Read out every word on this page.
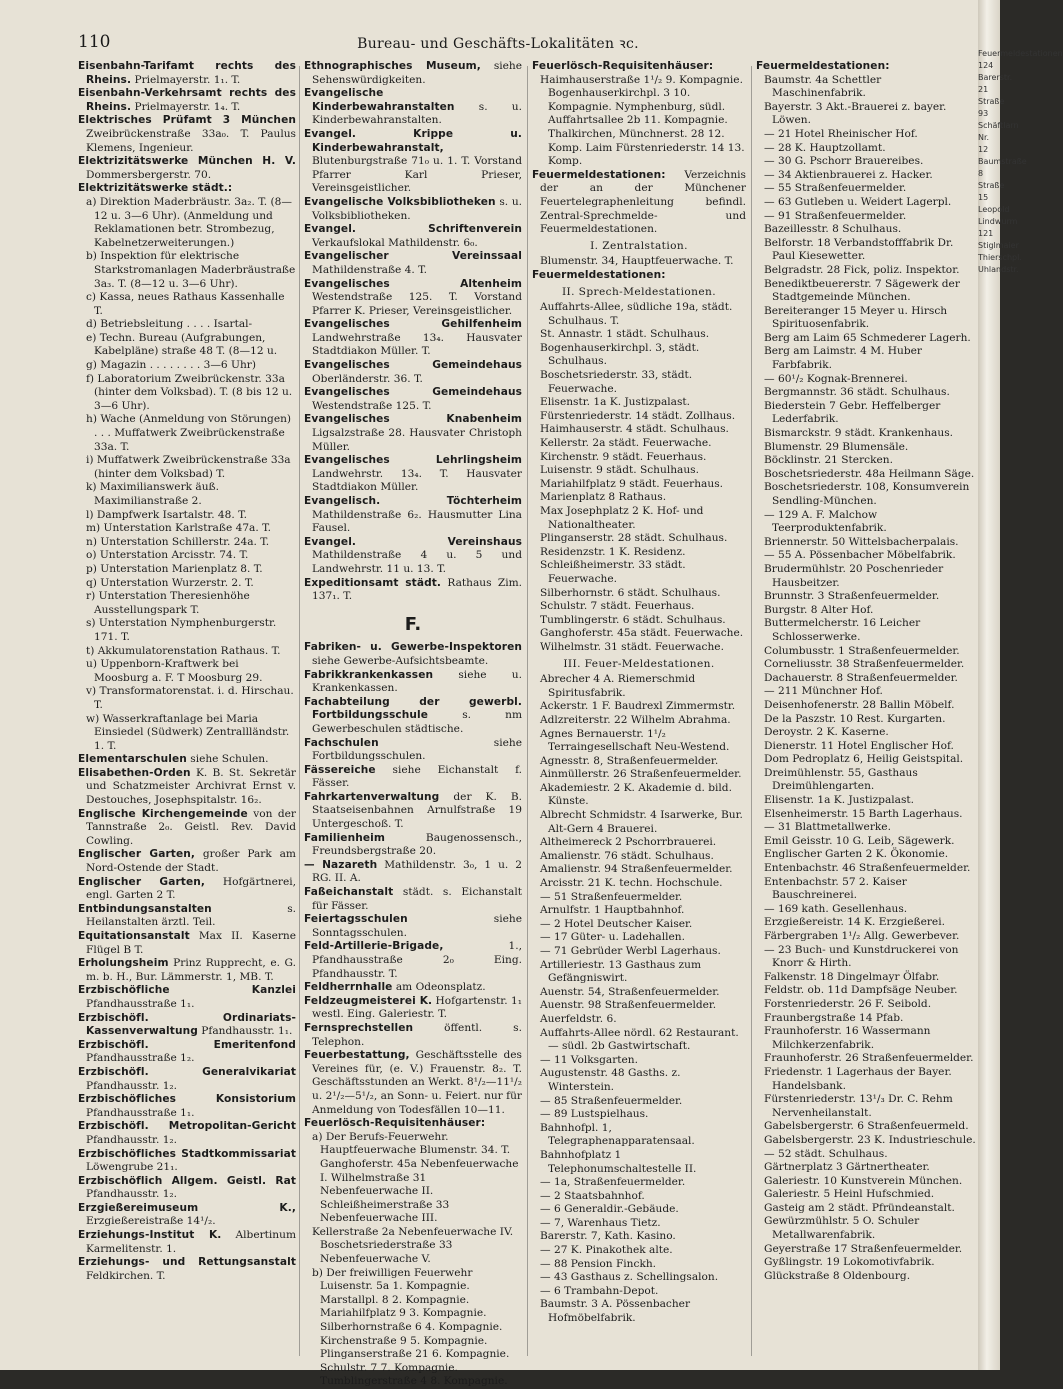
110	Bureau- und Geschäfts-Lokalitäten ꝛc.
Eisenbahn-Tarifamt rechts des Rheins. Prielmayerstr. 1₁. T.
Eisenbahn-Verkehrsamt rechts des Rheins. Prielmayerstr. 1₄. T.
Elektrisches Prüfamt 3 München Zweibrückenstraße 33a₀. T. Paulus Klemens, Ingenieur.
Elektrizitätswerke München H. V. Dommersbergerstr. 70.
Elektrizitätswerke städt.:
a) Direktion Maderbräustr. 3a₂. T. (8—12 u. 3—6 Uhr). (Anmeldung und Reklamationen betr. Strombezug, Kabelnetzerweiterungen.)
b) Inspektion für elektrische Starkstromanlagen Maderbräustraße 3a₃. T. (8—12 u. 3—6 Uhr).
c) Kassa, neues Rathaus Kassenhalle T.
d) Betriebsleitung . . . . Isartal-
e) Techn. Bureau (Aufgrabungen, Kabelpläne) straße 48 T. (8—12 u.
g) Magazin . . . . . . . . 3—6 Uhr)
f) Laboratorium Zweibrückenstr. 33a (hinter dem Volksbad). T. (8 bis 12 u. 3—6 Uhr).
h) Wache (Anmeldung von Störungen) . . . Muffatwerk Zweibrückenstraße 33a. T.
i) Muffatwerk Zweibrückenstraße 33a (hinter dem Volksbad) T.
k) Maximilianswerk äuß. Maximilianstraße 2.
l) Dampfwerk Isartalstr. 48. T.
m) Unterstation Karlstraße 47a. T.
n) Unterstation Schillerstr. 24a. T.
o) Unterstation Arcisstr. 74. T.
p) Unterstation Marienplatz 8. T.
q) Unterstation Wurzerstr. 2. T.
r) Unterstation Theresienhöhe Ausstellungspark T.
s) Unterstation Nymphenburgerstr. 171. T.
t) Akkumulatorenstation Rathaus. T.
u) Uppenborn-Kraftwerk bei Moosburg a. F. T Moosburg 29.
v) Transformatorenstat. i. d. Hirschau. T.
w) Wasserkraftanlage bei Maria Einsiedel (Südwerk) Zentrallländstr. 1. T.
Elementarschulen siehe Schulen.
Elisabethen-Orden K. B. St. Sekretär und Schatzmeister Archivrat Ernst v. Destouches, Josephspitalstr. 16₂.
Englische Kirchengemeinde von der Tannstraße 2₀. Geistl. Rev. David Cowling.
Englischer Garten, großer Park am Nord-Ostende der Stadt.
Englischer Garten, Hofgärtnerei, engl. Garten 2 T.
Entbindungsanstalten s. Heilanstalten ärztl. Teil.
Equitationsanstalt Max II. Kaserne Flügel B T.
Erholungsheim Prinz Rupprecht, e. G. m. b. H., Bur. Lämmerstr. 1, MB. T.
Erzbischöfliche Kanzlei Pfandhausstraße 1₁.
Erzbischöfl. Ordinariats-Kassenverwaltung Pfandhausstr. 1₁.
Erzbischöfl. Emeritenfond Pfandhausstraße 1₂.
Erzbischöfl. Generalvikariat Pfandhausstr. 1₂.
Erzbischöfliches Konsistorium Pfandhausstraße 1₁.
Erzbischöfl. Metropolitan-Gericht Pfandhausstr. 1₂.
Erzbischöfliches Stadtkommissariat Löwengrube 21₁.
Erzbischöflich Allgem. Geistl. Rat Pfandhausstr. 1₂.
Erzgießereimuseum K., Erzgießereistraße 14¹/₂.
Erziehungs-Institut K. Albertinum Karmelitenstr. 1.
Erziehungs- und Rettungsanstalt Feldkirchen. T.
Ethnographisches Museum, siehe Sehenswürdigkeiten.
Evangelische Kinderbewahranstalten s. u. Kinderbewahranstalten.
Evangel. Krippe u. Kinderbewahranstalt, Blutenburgstraße 71₀ u. 1. T. Vorstand Pfarrer Karl Prieser, Vereinsgeistlicher.
Evangelische Volksbibliotheken s. u. Volksbibliotheken.
Evangel. Schriftenverein Verkaufslokal Mathildenstr. 6₀.
Evangelischer Vereinssaal Mathildenstraße 4. T.
Evangelisches Altenheim Westendstraße 125. T. Vorstand Pfarrer K. Prieser, Vereinsgeistlicher.
Evangelisches Gehilfenheim Landwehrstraße 13₄. Hausvater Stadtdiakon Müller. T.
Evangelisches Gemeindehaus Oberländerstr. 36. T.
Evangelisches Gemeindehaus Westendstraße 125. T.
Evangelisches Knabenheim Ligsalzstraße 28. Hausvater Christoph Müller.
Evangelisches Lehrlingsheim Landwehrstr. 13₄. T. Hausvater Stadtdiakon Müller.
Evangelisch. Töchterheim Mathildenstraße 6₂. Hausmutter Lina Fausel.
Evangel. Vereinshaus Mathildenstraße 4 u. 5 und Landwehrstr. 11 u. 13. T.
Expeditionsamt städt. Rathaus Zim. 137₁. T.
F.
Fabriken- u. Gewerbe-Inspektoren siehe Gewerbe-Aufsichtsbeamte.
Fabrikkrankenkassen siehe u. Krankenkassen.
Fachabteilung der gewerbl. Fortbildungsschule s. nm Gewerbeschulen städtische.
Fachschulen siehe Fortbildungsschulen.
Fässereiche siehe Eichanstalt f. Fässer.
Fahrkartenverwaltung der K. B. Staatseisenbahnen Arnulfstraße 19 Untergeschoß. T.
Familienheim Baugenossensch., Freundsbergstraße 20.
— Nazareth Mathildenstr. 3₀, 1 u. 2 RG. II. A.
Faßeichanstalt städt. s. Eichanstalt für Fässer.
Feiertagsschulen siehe Sonntagsschulen.
Feld-Artillerie-Brigade, 1., Pfandhausstraße 2₀ Eing. Pfandhausstr. T.
Feldherrnhalle am Odeonsplatz.
Feldzeugmeisterei K. Hofgartenstr. 1₁ westl. Eing. Galeriestr. T.
Fernsprechstellen öffentl. s. Telephon.
Feuerbestattung, Geschäftsstelle des Vereines für, (e. V.) Frauenstr. 8₂. T. Geschäftsstunden an Werkt. 8¹/₂—11¹/₂ u. 2¹/₂—5¹/₂, an Sonn- u. Feiert. nur für Anmeldung von Todesfällen 10—11.
Feuerlösch-Requisitenhäuser:
a) Der Berufs-Feuerwehr. Hauptfeuerwache Blumenstr. 34. T. Ganghoferstr. 45a Nebenfeuerwache I. Wilhelmstraße 31 Nebenfeuerwache II. Schleißheimerstraße 33 Nebenfeuerwache III.
Kellerstraße 2a Nebenfeuerwache IV. Boschetsriederstraße 33 Nebenfeuerwache V.
b) Der freiwilligen Feuerwehr Luisenstr. 5a 1. Kompagnie. Marstallpl. 8 2. Kompagnie. Mariahilfplatz 9 3. Kompagnie. Silberhornstraße 6 4. Kompagnie. Kirchenstraße 9 5. Kompagnie. Plinganserstraße 21 6. Kompagnie. Schulstr. 7 7. Kompagnie. Tumblingerstraße 4 8. Kompagnie.
Feuerlösch-Requisitenhäuser:
Haimhauserstraße 1¹/₂ 9. Kompagnie. Bogenhauserkirchpl. 3 10. Kompagnie. Nymphenburg, südl. Auffahrtsallee 2b 11. Kompagnie. Thalkirchen, Münchnerst. 28 12. Komp. Laim Fürstenriederstr. 14 13. Komp.
Feuermeldestationen: Verzeichnis der an der Münchener Feuertelegraphenleitung befindl. Zentral-Sprechmelde- und Feuermeldestationen.
I. Zentralstation.
Blumenstr. 34, Hauptfeuerwache. T.
Feuermeldestationen:
II. Sprech-Meldestationen.
Auffahrts-Allee, südliche 19a, städt. Schulhaus. T.
St. Annastr. 1 städt. Schulhaus.
Bogenhauserkirchpl. 3, städt. Schulhaus.
Boschetsriederstr. 33, städt. Feuerwache.
Elisenstr. 1a K. Justizpalast.
Fürstenriederstr. 14 städt. Zollhaus.
Haimhauserstr. 4 städt. Schulhaus.
Kellerstr. 2a städt. Feuerwache.
Kirchenstr. 9 städt. Feuerhaus.
Luisenstr. 9 städt. Schulhaus.
Mariahilfplatz 9 städt. Feuerhaus.
Marienplatz 8 Rathaus.
Max Josephplatz 2 K. Hof- und Nationaltheater.
Plinganserstr. 28 städt. Schulhaus.
Residenzstr. 1 K. Residenz.
Schleißheimerstr. 33 städt. Feuerwache.
Silberhornstr. 6 städt. Schulhaus.
Schulstr. 7 städt. Feuerhaus.
Tumblingerstr. 6 städt. Schulhaus.
Ganghoferstr. 45a städt. Feuerwache.
Wilhelmstr. 31 städt. Feuerwache.
III. Feuer-Meldestationen.
Abrecher 4 A. Riemerschmid Spiritusfabrik.
Ackerstr. 1 F. Baudrexl Zimmermstr.
Adlzreiterstr. 22 Wilhelm Abrahma.
Agnes Bernauerstr. 1¹/₂ Terraingesellschaft Neu-Westend.
Agnesstr. 8, Straßenfeuermelder.
Ainmüllerstr. 26 Straßenfeuermelder.
Akademiestr. 2 K. Akademie d. bild. Künste.
Albrecht Schmidstr. 4 Isarwerke, Bur. Alt-Gern 4 Brauerei.
Altheimereck 2 Pschorrbrauerei.
Amalienstr. 76 städt. Schulhaus.
Amalienstr. 94 Straßenfeuermelder.
Arcisstr. 21 K. techn. Hochschule.
— 51 Straßenfeuermelder.
Arnulfstr. 1 Hauptbahnhof.
— 2 Hotel Deutscher Kaiser.
— 17 Güter- u. Ladehallen.
— 71 Gebrüder Werbl Lagerhaus.
Artilleriestr. 13 Gasthaus zum Gefängniswirt.
Auenstr. 54, Straßenfeuermelder.
Auenstr. 98 Straßenfeuermelder.
Auerfeldstr. 6.
Auffahrts-Allee nördl. 62 Restaurant. — südl. 2b Gastwirtschaft.
— 11 Volksgarten.
Augustenstr. 48 Gasths. z. Winterstein.
— 85 Straßenfeuermelder.
— 89 Lustspielhaus.
Bahnhofpl. 1, Telegraphenapparatensaal.
Bahnhofplatz 1 Telephonumschaltestelle II.
— 1a, Straßenfeuermelder.
— 2 Staatsbahnhof.
— 6 Generaldir.-Gebäude.
— 7, Warenhaus Tietz.
Barerstr. 7, Kath. Kasino.
— 27 K. Pinakothek alte.
— 88 Pension Finckh.
— 43 Gasthaus z. Schellingsalon.
— 6 Trambahn-Depot.
Baumstr. 3 A. Pössenbacher Hofmöbelfabrik.
Feuermeldestationen:
Baumstr. 4a Schettler Maschinenfabrik.
Bayerstr. 3 Akt.-Brauerei z. bayer. Löwen.
— 21 Hotel Rheinischer Hof.
— 28 K. Hauptzollamt.
— 30 G. Pschorr Brauereibes.
— 34 Aktienbrauerei z. Hacker.
— 55 Straßenfeuermelder.
— 63 Gutleben u. Weidert Lagerpl.
— 91 Straßenfeuermelder.
Bazeillesstr. 8 Schulhaus.
Belforstr. 18 Verbandstofffabrik Dr. Paul Kiesewetter.
Belgradstr. 28 Fick, poliz. Inspektor.
Benediktbeuererstr. 7 Sägewerk der Stadtgemeinde München.
Bereiteranger 15 Meyer u. Hirsch Spirituosenfabrik.
Berg am Laim 65 Schmederer Lagerh.
Berg am Laimstr. 4 M. Huber Farbfabrik.
— 60¹/₂ Kognak-Brennerei.
Bergmannstr. 36 städt. Schulhaus.
Biederstein 7 Gebr. Heffelberger Lederfabrik.
Bismarckstr. 9 städt. Krankenhaus.
Blumenstr. 29 Blumensäle.
Böcklinstr. 21 Stercken.
Boschetsriederstr. 48a Heilmann Säge.
Boschetsriederstr. 108, Konsumverein Sendling-München.
— 129 A. F. Malchow Teerproduktenfabrik.
Briennerstr. 50 Wittelsbacherpalais.
— 55 A. Pössenbacher Möbelfabrik.
Brudermühlstr. 20 Poschenrieder Hausbeitzer.
Brunnstr. 3 Straßenfeuermelder.
Burgstr. 8 Alter Hof.
Buttermelcherstr. 16 Leicher Schlosserwerke.
Columbusstr. 1 Straßenfeuermelder.
Corneliusstr. 38 Straßenfeuermelder.
Dachauerstr. 8 Straßenfeuermelder.
— 211 Münchner Hof.
Deisenhofenerstr. 28 Ballin Möbelf.
De la Paszstr. 10 Rest. Kurgarten.
Deroystr. 2 K. Kaserne.
Dienerstr. 11 Hotel Englischer Hof.
Dom Pedroplatz 6, Heilig Geistspital.
Dreimühlenstr. 55, Gasthaus Dreimühlengarten.
Elisenstr. 1a K. Justizpalast.
Elsenheimerstr. 15 Barth Lagerhaus.
— 31 Blattmetallwerke.
Emil Geisstr. 10 G. Leib, Sägewerk.
Englischer Garten 2 K. Ökonomie.
Entenbachstr. 46 Straßenfeuermelder.
Entenbachstr. 57 2. Kaiser Bauschreinerei.
— 169 kath. Gesellenhaus.
Erzgießereistr. 14 K. Erzgießerei.
Färbergraben 1¹/₂ Allg. Gewerbever.
— 23 Buch- und Kunstdruckerei von Knorr & Hirth.
Falkenstr. 18 Dingelmayr Ölfabr.
Feldstr. ob. 11d Dampfsäge Neuber.
Forstenriederstr. 26 F. Seibold.
Fraunbergstraße 14 Pfab.
Fraunhoferstr. 16 Wassermann Milchkerzenfabrik.
Fraunhoferstr. 26 Straßenfeuermelder.
Friedenstr. 1 Lagerhaus der Bayer. Handelsbank.
Fürstenriederstr. 13¹/₃ Dr. C. Rehm Nervenheilanstalt.
Gabelsbergerstr. 6 Straßenfeuermeld.
Gabelsbergerstr. 23 K. Industrieschule.
— 52 städt. Schulhaus.
Gärtnerplatz 3 Gärtnertheater.
Galeriestr. 10 Kunstverein München.
Galeriestr. 5 Heinl Hufschmied.
Gasteig am 2 städt. Pfründeanstalt.
Gewürzmühlstr. 5 O. Schuler Metallwarenfabrik.
Geyerstraße 17 Straßenfeuermelder.
Gyßlingstr. 19 Lokomotivfabrik.
Glückstraße 8 Oldenbourg.
Feuermeldestationen 124 Barerstr. 21 Straße 93 Schäftlarn Nr. 12 Baumstraße 8 Straße 15 Leopold Lindwurm 121 Stiglmaier Thierschpl. Uhlandstr.
